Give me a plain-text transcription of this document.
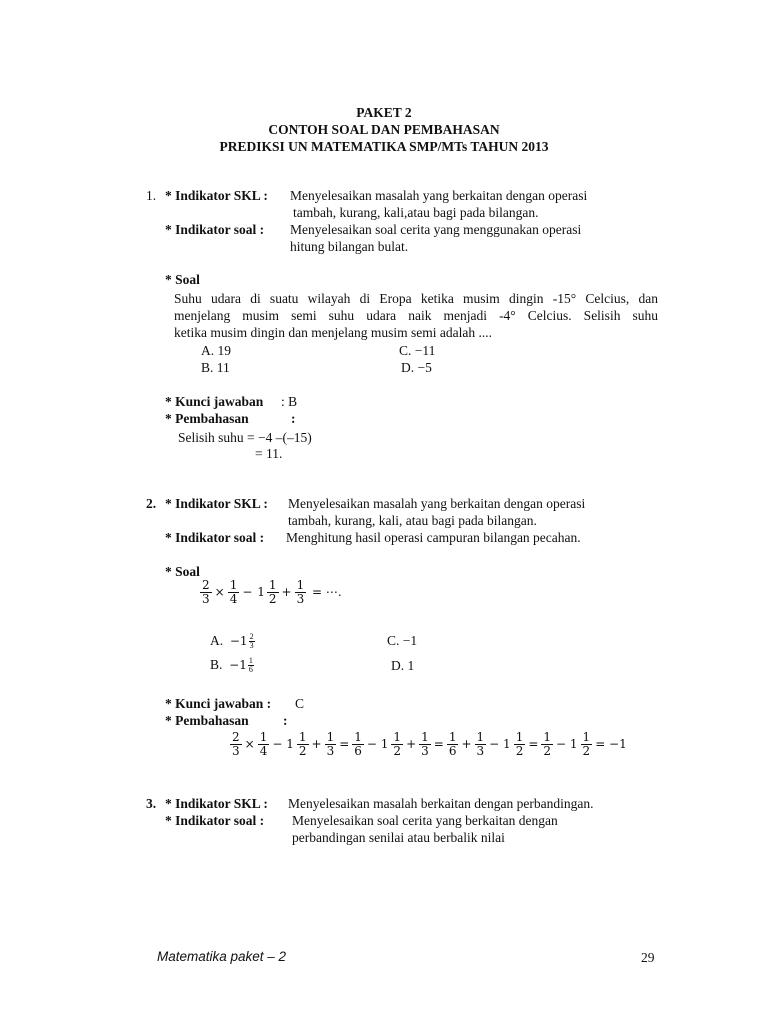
PAKET 2
CONTOH SOAL DAN PEMBAHASAN
PREDIKSI UN MATEMATIKA SMP/MTs TAHUN 2013
1. * Indikator SKL : Menyelesaikan masalah yang berkaitan dengan operasi
tambah, kurang, kali,atau bagi pada bilangan.
* Indikator soal : Menyelesaikan soal cerita yang menggunakan operasi
hitung bilangan bulat.
* Soal
Suhu udara di suatu wilayah di Eropa ketika musim dingin -15° Celcius, dan
menjelang musim semi suhu udara naik menjadi -4° Celcius. Selisih suhu
ketika musim dingin dan menjelang musim semi adalah ....
A. 19	C. −11
B. 11	D. −5
* Kunci jawaban : B
* Pembahasan	:
Selisih suhu = −4 –(–15)
= 11.
2. * Indikator SKL : Menyelesaikan masalah yang berkaitan dengan operasi
tambah, kurang, kali, atau bagi pada bilangan.
* Indikator soal : Menghitung hasil operasi campuran bilangan pecahan.
* Soal
$\frac{2}{3} \times \frac{1}{4} - 1 \frac{1}{2} + \frac{1}{3}$ = ⋯.
A. $-1 \frac{2}{3}$	C. −1
B. $-1 \frac{1}{6}$	D. 1
* Kunci jawaban : C
* Pembahasan	:
$\frac{2}{3} \times \frac{1}{4} - 1 \frac{1}{2} + \frac{1}{3} = \frac{1}{6} - 1 \frac{1}{2} + \frac{1}{3} = \frac{1}{6} + \frac{1}{3} - 1 \frac{1}{2} = \frac{1}{2} - 1 \frac{1}{2} = -1$
3. * Indikator SKL : Menyelesaikan masalah berkaitan dengan perbandingan.
* Indikator soal : Menyelesaikan soal cerita yang berkaitan dengan
perbandingan senilai atau berbalik nilai
Matematika paket – 2	29
